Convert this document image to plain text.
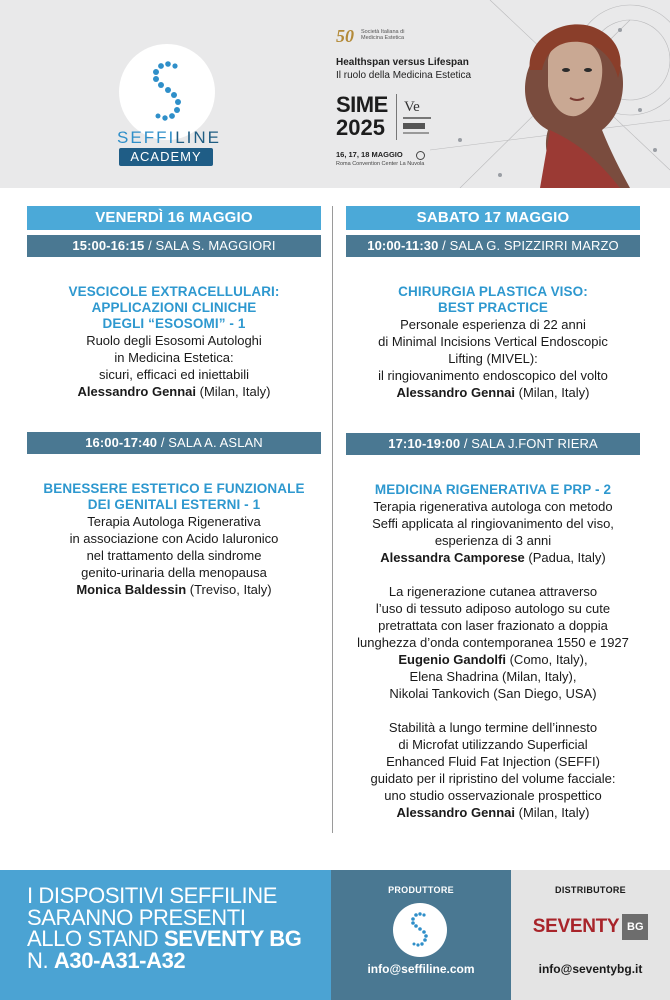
SEFFILINE
ACADEMY
50 Società Italiana di Medicina Estetica
Healthspan versus Lifespan
Il ruolo della Medicina Estetica
SIME
2025
Ve
16, 17, 18 MAGGIO
Roma Convention Center La Nuvola
VENERDÌ 16 MAGGIO
15:00-16:15 / SALA S. MAGGIORI
VESCICOLE EXTRACELLULARI:
APPLICAZIONI CLINICHE
DEGLI “ESOSOMI” - 1
Ruolo degli Esosomi Autologhi
in Medicina Estetica:
sicuri, efficaci ed iniettabili
Alessandro Gennai (Milan, Italy)
16:00-17:40 / SALA A. ASLAN
BENESSERE ESTETICO E FUNZIONALE
DEI GENITALI ESTERNI - 1
Terapia Autologa Rigenerativa
in associazione con Acido Ialuronico
nel trattamento della sindrome
genito-urinaria della menopausa
Monica Baldessin (Treviso, Italy)
SABATO 17 MAGGIO
10:00-11:30 / SALA G. SPIZZIRRI MARZO
CHIRURGIA PLASTICA VISO:
BEST PRACTICE
Personale esperienza di 22 anni
di Minimal Incisions Vertical Endoscopic
Lifting (MIVEL):
il ringiovanimento endoscopico del volto
Alessandro Gennai (Milan, Italy)
17:10-19:00 / SALA J.FONT RIERA
MEDICINA RIGENERATIVA E PRP - 2
Terapia rigenerativa autologa con metodo
Seffi applicata al ringiovanimento del viso,
esperienza di 3 anni
Alessandra Camporese (Padua, Italy)
La rigenerazione cutanea attraverso
l’uso di tessuto adiposo autologo su cute
pretrattata con laser frazionato a doppia
lunghezza d’onda contemporanea 1550 e 1927
Eugenio Gandolfi (Como, Italy),
Elena Shadrina (Milan, Italy),
Nikolai Tankovich (San Diego, USA)
Stabilità a lungo termine dell’innesto
di Microfat utilizzando Superficial
Enhanced Fluid Fat Injection (SEFFI)
guidato per il ripristino del volume facciale:
uno studio osservazionale prospettico
Alessandro Gennai (Milan, Italy)
I DISPOSITIVI SEFFILINE
SARANNO PRESENTI
ALLO STAND SEVENTY BG
N. A30-A31-A32
PRODUTTORE
info@seffiline.com
DISTRIBUTORE
SEVENTY BG
info@seventybg.it
